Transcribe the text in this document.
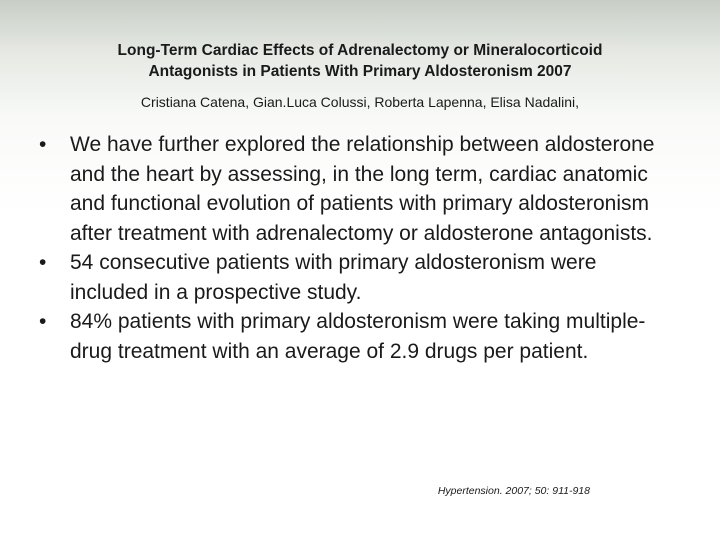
Long-Term Cardiac Effects of Adrenalectomy or Mineralocorticoid
Antagonists in Patients With Primary Aldosteronism 2007
Cristiana Catena, Gian.Luca Colussi, Roberta Lapenna, Elisa Nadalini,
• We have further explored the relationship between aldosterone and the heart by assessing, in the long term, cardiac anatomic and functional evolution of patients with primary aldosteronism after treatment with adrenalectomy or aldosterone antagonists.
• 54 consecutive patients with primary aldosteronism were included in a prospective study.
• 84% patients with primary aldosteronism were taking multiple-drug treatment with an average of 2.9 drugs per patient.
Hypertension. 2007; 50: 911-918
